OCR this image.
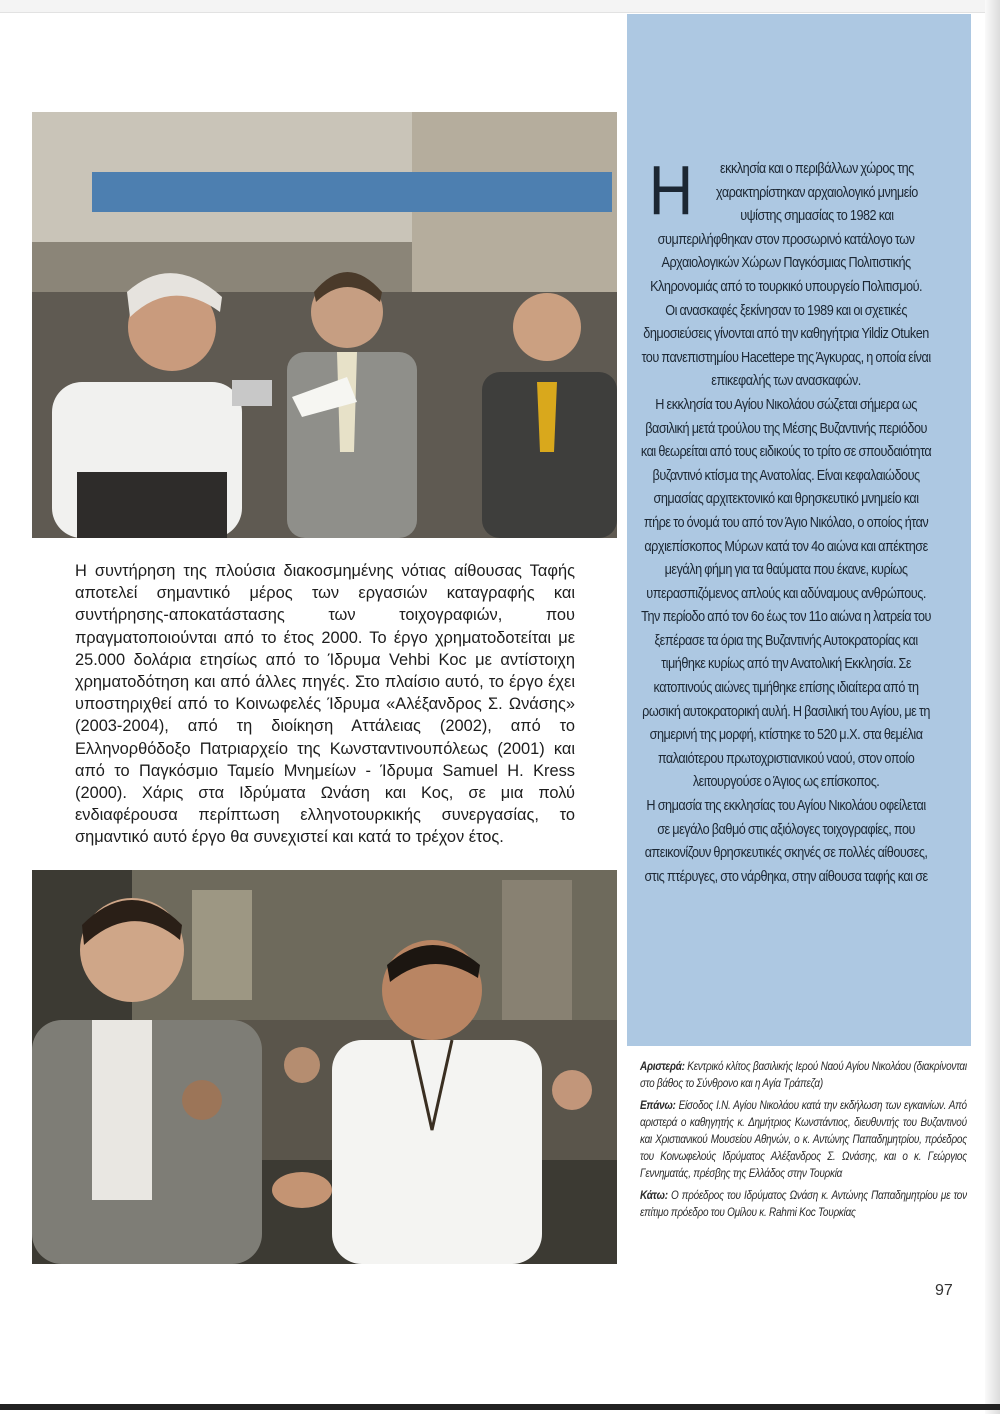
Η συντήρηση της πλούσια διακοσμημένης νότιας αίθουσας Ταφής αποτελεί σημαντικό μέρος των εργασιών καταγραφής και συντήρησης-αποκατάστασης των τοιχογραφιών, που πραγματοποιούνται από το έτος 2000. Το έργο χρηματοδοτείται με 25.000 δολάρια ετησίως από το Ίδρυμα Vehbi Koc με αντίστοιχη χρηματοδότηση και από άλλες πηγές. Στο πλαίσιο αυτό, το έργο έχει υποστηριχθεί από το Κοινωφελές Ίδρυμα «Αλέξανδρος Σ. Ωνάσης» (2003-2004), από τη διοίκηση Αττάλειας (2002), από το Ελληνορθόδοξο Πατριαρχείο της Κωνσταντινουπόλεως (2001) και από το Παγκόσμιο Ταμείο Μνημείων - Ίδρυμα Samuel H. Kress (2000). Χάρις στα Ιδρύματα Ωνάση και Κος, σε μια πολύ ενδιαφέρουσα περίπτωση ελληνοτουρκικής συνεργασίας, το σημαντικό αυτό έργο θα συνεχιστεί και κατά το τρέχον έτος.

Η εκκλησία και ο περιβάλλων χώρος της χαρακτηρίστηκαν αρχαιολογικό μνημείο υψίστης σημασίας το 1982 και συμπεριλήφθηκαν στον προσωρινό κατάλογο των Αρχαιολογικών Χώρων Παγκόσμιας Πολιτιστικής Κληρονομιάς από το τουρκικό υπουργείο Πολιτισμού.

Οι ανασκαφές ξεκίνησαν το 1989 και οι σχετικές δημοσιεύσεις γίνονται από την καθηγήτρια Yildiz Otuken του πανεπιστημίου Hacettepe της Άγκυρας, η οποία είναι επικεφαλής των ανασκαφών.

Η εκκλησία του Αγίου Νικολάου σώζεται σήμερα ως βασιλική μετά τρούλου της Μέσης Βυζαντινής περιόδου και θεωρείται από τους ειδικούς το τρίτο σε σπουδαιότητα βυζαντινό κτίσμα της Ανατολίας. Είναι κεφαλαιώδους σημασίας αρχιτεκτονικό και θρησκευτικό μνημείο και πήρε το όνομά του από τον Άγιο Νικόλαο, ο οποίος ήταν αρχιεπίσκοπος Μύρων κατά τον 4ο αιώνα και απέκτησε μεγάλη φήμη για τα θαύματα που έκανε, κυρίως υπερασπιζόμενος απλούς και αδύναμους ανθρώπους.

Την περίοδο από τον 6ο έως τον 11ο αιώνα η λατρεία του ξεπέρασε τα όρια της Βυζαντινής Αυτοκρατορίας και τιμήθηκε κυρίως από την Ανατολική Εκκλησία. Σε κατοπινούς αιώνες τιμήθηκε επίσης ιδιαίτερα από τη ρωσική αυτοκρατορική αυλή. Η βασιλική του Αγίου, με τη σημερινή της μορφή, κτίστηκε το 520 μ.Χ. στα θεμέλια παλαιότερου πρωτοχριστιανικού ναού, στον οποίο λειτουργούσε ο Άγιος ως επίσκοπος.

Η σημασία της εκκλησίας του Αγίου Νικολάου οφείλεται σε μεγάλο βαθμό στις αξιόλογες τοιχογραφίες, που απεικονίζουν θρησκευτικές σκηνές σε πολλές αίθουσες, στις πτέρυγες, στο νάρθηκα, στην αίθουσα ταφής και σε

Αριστερά: Κεντρικό κλίτος βασιλικής Ιερού Ναού Αγίου Νικολάου (διακρίνονται στο βάθος το Σύνθρονο και η Αγία Τράπεζα)

Επάνω: Είσοδος Ι.Ν. Αγίου Νικολάου κατά την εκδήλωση των εγκαινίων. Από αριστερά ο καθηγητής κ. Δημήτριος Κωνστάντιος, διευθυντής του Βυζαντινού και Χριστιανικού Μουσείου Αθηνών, ο κ. Αντώνης Παπαδημητρίου, πρόεδρος του Κοινωφελούς Ιδρύματος Αλέξανδρος Σ. Ωνάσης, και ο κ. Γεώργιος Γεννηματάς, πρέσβης της Ελλάδος στην Τουρκία

Κάτω: Ο πρόεδρος του Ιδρύματος Ωνάση κ. Αντώνης Παπαδημητρίου με τον επίτιμο πρόεδρο του Ομίλου κ. Rahmi Koc Τουρκίας

97
